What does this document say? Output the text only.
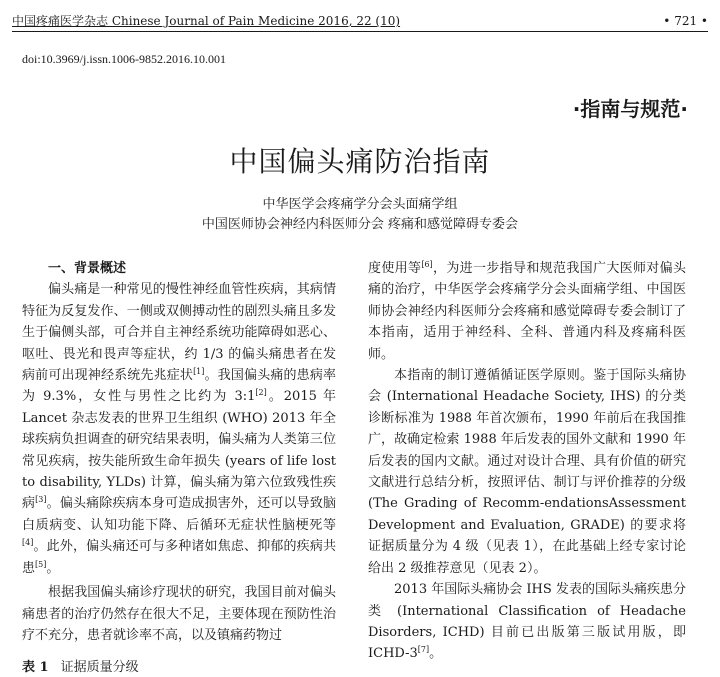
中国疼痛医学杂志 Chinese Journal of Pain Medicine 2016, 22 (10)	• 721 •
doi:10.3969/j.issn.1006-9852.2016.10.001
·指南与规范·
中国偏头痛防治指南
中华医学会疼痛学分会头面痛学组
中国医师协会神经内科医师分会 疼痛和感觉障碍专委会

一、背景概述

偏头痛是一种常见的慢性神经血管性疾病，其病情特征为反复发作、一侧或双侧搏动性的剧烈头痛且多发生于偏侧头部，可合并自主神经系统功能障碍如恶心、呕吐、畏光和畏声等症状，约 1/3 的偏头痛患者在发病前可出现神经系统先兆症状[1]。我国偏头痛的患病率为 9.3%，女性与男性之比约为 3:1[2]。2015 年 Lancet 杂志发表的世界卫生组织 (WHO) 2013 年全球疾病负担调查的研究结果表明，偏头痛为人类第三位常见疾病，按失能所致生命年损失 (years of life lost to disability, YLDs) 计算，偏头痛为第六位致残性疾病[3]。偏头痛除疾病本身可造成损害外，还可以导致脑白质病变、认知功能下降、后循环无症状性脑梗死等[4]。此外，偏头痛还可与多种诸如焦虑、抑郁的疾病共患[5]。

根据我国偏头痛诊疗现状的研究，我国目前对偏头痛患者的治疗仍然存在很大不足，主要体现在预防性治疗不充分，患者就诊率不高，以及镇痛药物过

度使用等[6]，为进一步指导和规范我国广大医师对偏头痛的治疗，中华医学会疼痛学分会头面痛学组、中国医师协会神经内科医师分会疼痛和感觉障碍专委会制订了本指南，适用于神经科、全科、普通内科及疼痛科医师。

本指南的制订遵循循证医学原则。鉴于国际头痛协会 (International Headache Society, IHS) 的分类诊断标准为 1988 年首次颁布，1990 年前后在我国推广，故确定检索 1988 年后发表的国外文献和 1990 年后发表的国内文献。通过对设计合理、具有价值的研究文献进行总结分析，按照评估、制订与评价推荐的分级 (The Grading of Recomm-endationsAssessment Development and Evaluation, GRADE) 的要求将证据质量分为 4 级（见表 1），在此基础上经专家讨论给出 2 级推荐意见（见表 2）。

2013 年国际头痛协会 IHS 发表的国际头痛疾患分 类 (International Classification of Headache Disorders, ICHD) 目前已出版第三版试用版，即 ICHD-3[7]。

表 1 证据质量分级
